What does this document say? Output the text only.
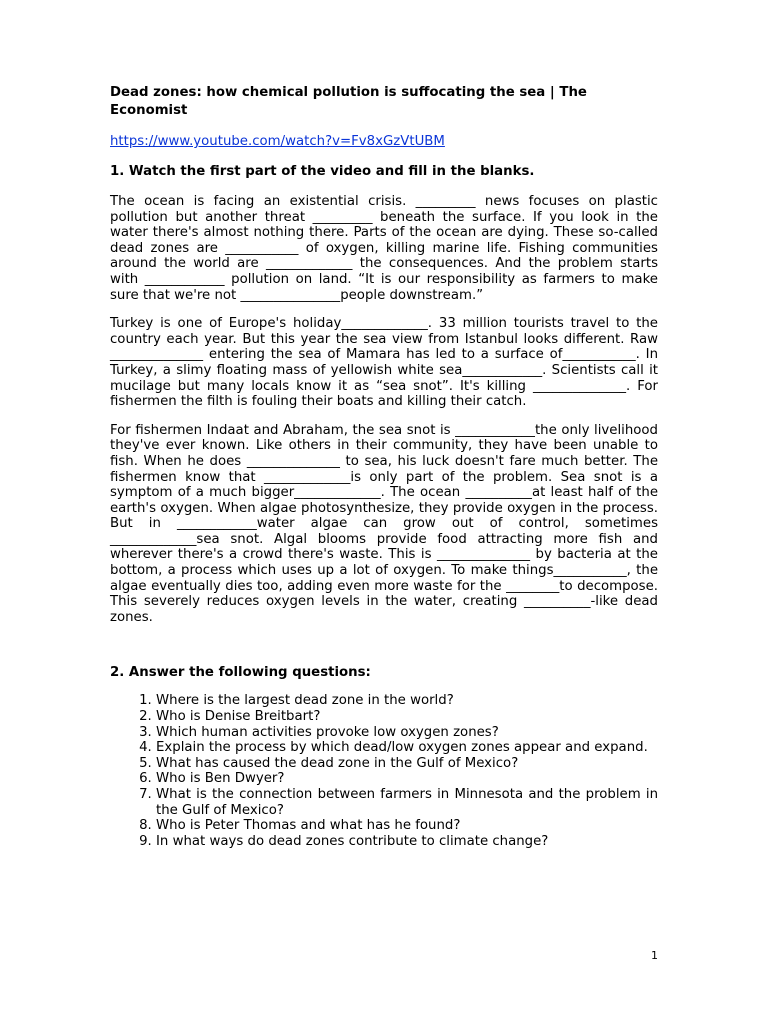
Dead zones: how chemical pollution is suffocating the sea | The Economist

https://www.youtube.com/watch?v=Fv8xGzVtUBM

1. Watch the first part of the video and fill in the blanks.

The ocean is facing an existential crisis. _________ news focuses on plastic pollution but another threat _________ beneath the surface. If you look in the water there's almost nothing there. Parts of the ocean are dying. These so-called dead zones are ___________ of oxygen, killing marine life. Fishing communities around the world are _____________ the consequences. And the problem starts with ____________ pollution on land. “It is our responsibility as farmers to make sure that we're not _______________people downstream.”

Turkey is one of Europe's holiday_____________. 33 million tourists travel to the country each year. But this year the sea view from Istanbul looks different. Raw ______________ entering the sea of Mamara has led to a surface of___________. In Turkey, a slimy floating mass of yellowish white sea____________. Scientists call it mucilage but many locals know it as “sea snot”. It's killing ______________. For fishermen the filth is fouling their boats and killing their catch.

For fishermen Indaat and Abraham, the sea snot is ____________the only livelihood they've ever known. Like others in their community, they have been unable to fish. When he does ______________ to sea, his luck doesn't fare much better. The fishermen know that _____________is only part of the problem. Sea snot is a symptom of a much bigger_____________. The ocean __________at least half of the earth's oxygen. When algae photosynthesize, they provide oxygen in the process. But in ____________water algae can grow out of control, sometimes _____________sea snot. Algal blooms provide food attracting more fish and wherever there's a crowd there's waste. This is ______________ by bacteria at the bottom, a process which uses up a lot of oxygen. To make things___________, the algae eventually dies too, adding even more waste for the ________to decompose. This severely reduces oxygen levels in the water, creating __________-like dead zones.

2. Answer the following questions:

1. Where is the largest dead zone in the world?
2. Who is Denise Breitbart?
3. Which human activities provoke low oxygen zones?
4. Explain the process by which dead/low oxygen zones appear and expand.
5. What has caused the dead zone in the Gulf of Mexico?
6. Who is Ben Dwyer?
7. What is the connection between farmers in Minnesota and the problem in the Gulf of Mexico?
8. Who is Peter Thomas and what has he found?
9. In what ways do dead zones contribute to climate change?
1
